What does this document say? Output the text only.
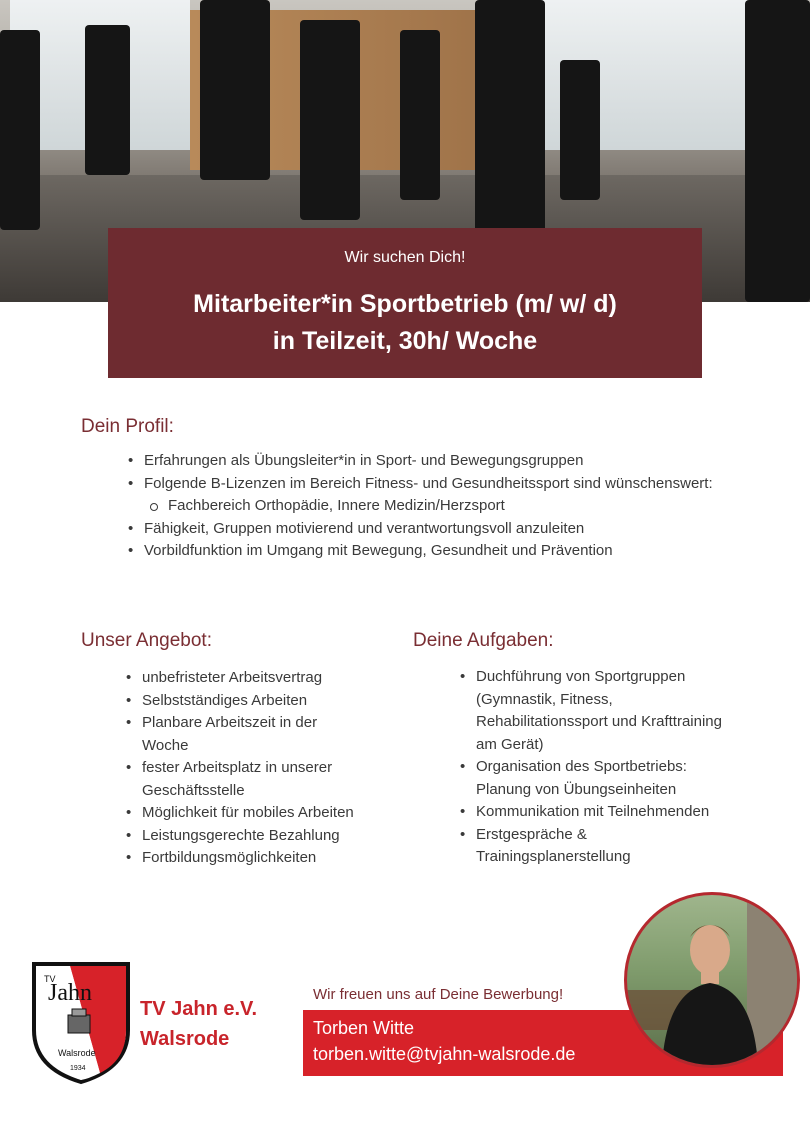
Wir suchen Dich!
Mitarbeiter*in Sportbetrieb (m/ w/ d)
in Teilzeit, 30h/ Woche
Dein Profil:
• Erfahrungen als Übungsleiter*in in Sport- und Bewegungsgruppen
• Folgende B-Lizenzen im Bereich Fitness- und Gesundheitssport sind wünschenswert:
Fachbereich Orthopädie, Innere Medizin/Herzsport
• Fähigkeit, Gruppen motivierend und verantwortungsvoll anzuleiten
• Vorbildfunktion im Umgang mit Bewegung, Gesundheit und Prävention
Unser Angebot:
• unbefristeter Arbeitsvertrag
• Selbstständiges Arbeiten
• Planbare Arbeitszeit in der Woche
• fester Arbeitsplatz in unserer Geschäftsstelle
• Möglichkeit für mobiles Arbeiten
• Leistungsgerechte Bezahlung
• Fortbildungsmöglichkeiten
Deine Aufgaben:
• Duchführung von Sportgruppen (Gymnastik, Fitness, Rehabilitationssport und Krafttraining am Gerät)
• Organisation des Sportbetriebs: Planung von Übungseinheiten
• Kommunikation mit Teilnehmenden
• Erstgespräche & Trainingsplanerstellung
TV
Jahn
Walsrode
1934
TV Jahn e.V.
Walsrode
Wir freuen uns auf Deine Bewerbung!
Torben Witte
torben.witte@tvjahn-walsrode.de
